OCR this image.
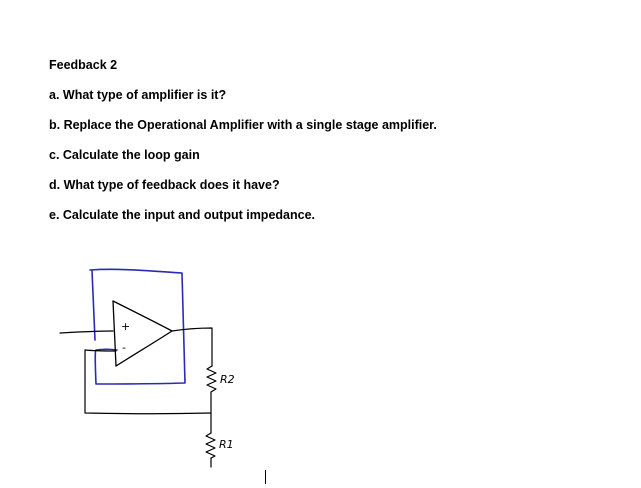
Feedback 2
a. What type of amplifier is it?
b. Replace the Operational Amplifier with a single stage amplifier.
c. Calculate the loop gain
d. What type of feedback does it have?
e. Calculate the input and output impedance.
+
-
R2
R1
